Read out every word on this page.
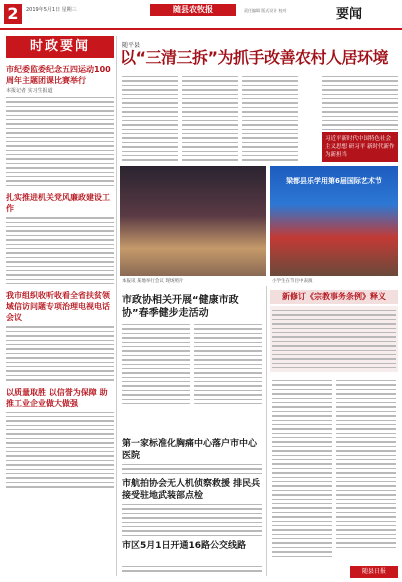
2	2019年5月1日 星期三	随县农牧报	责任编辑 版式设计 校对	要闻
时政要闻
市纪委监委纪念五四运动100周年主题团课比赛举行
本报记者 实习生报道
扎实推进机关党风廉政建设工作
我市组织收听收看全省扶贫领域信访问题专项治理电视电话会议
以质量取胜 以信誉为保障 助推工业企业做大做强
随平县
以“三清三拆”为抓手改善农村人居环境
习近平新时代中国特色社会主义思想 研习平 新时代新作为新担当
梁都县乐学用第6届国际艺术节
本报讯 某地举行会议 现场照片	小学生在节目中表演
市政协相关开展“健康市政协”春季健步走活动
第一家标准化胸痛中心落户市中心医院
市航拍协会无人机侦察救援 排民兵接受驻地武装部点检
市区5月1日开通16路公交线路
新修订《宗教事务条例》释义
随县日报
